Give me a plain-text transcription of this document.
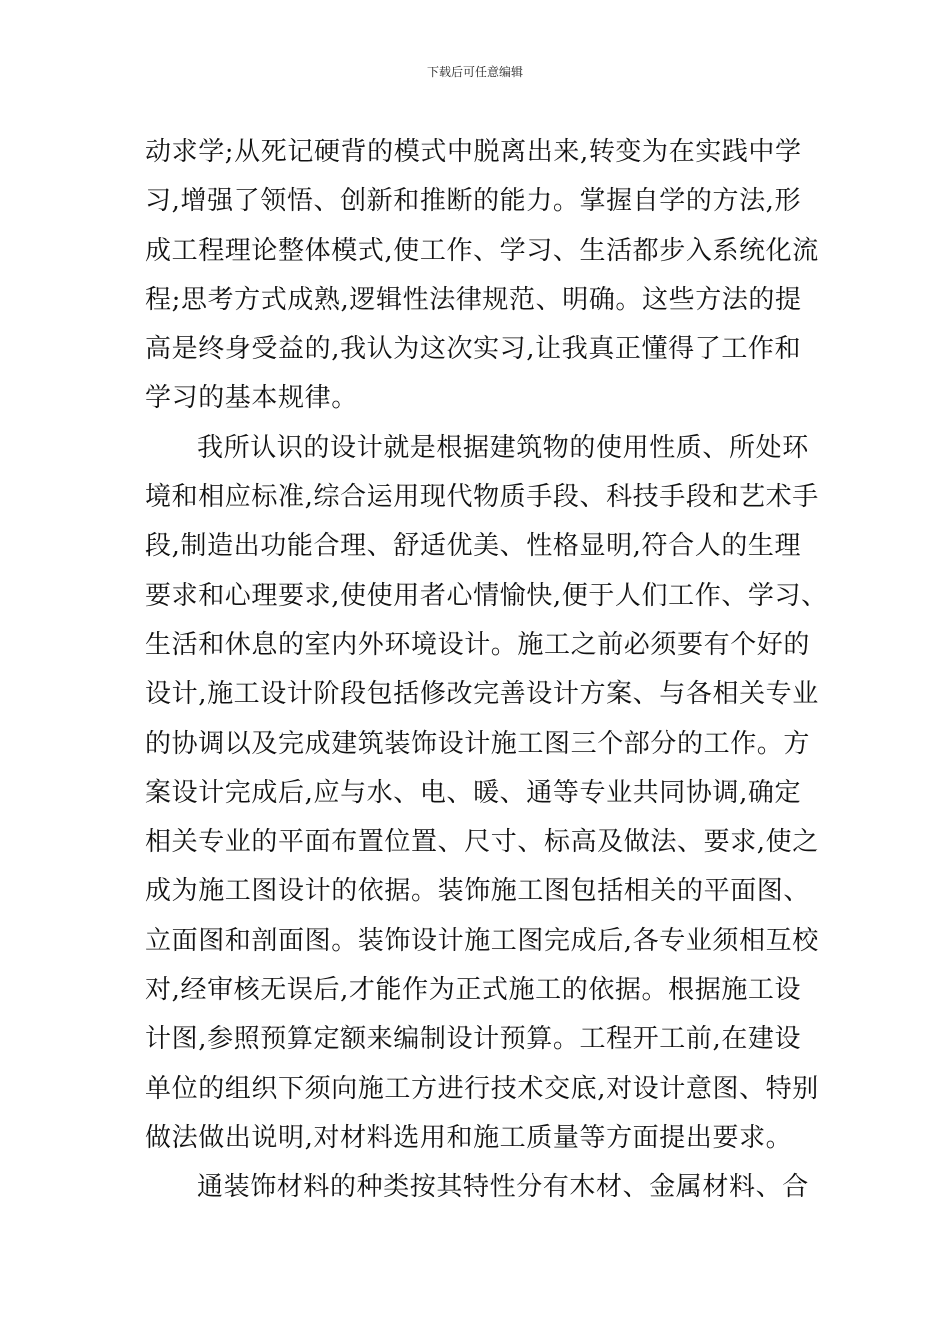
下载后可任意编辑
动求学;从死记硬背的模式中脱离出来,转变为在实践中学
习,增强了领悟、创新和推断的能力。掌握自学的方法,形
成工程理论整体模式,使工作、学习、生活都步入系统化流
程;思考方式成熟,逻辑性法律规范、明确。这些方法的提
高是终身受益的,我认为这次实习,让我真正懂得了工作和
学习的基本规律。
我所认识的设计就是根据建筑物的使用性质、所处环
境和相应标准,综合运用现代物质手段、科技手段和艺术手
段,制造出功能合理、舒适优美、性格显明,符合人的生理
要求和心理要求,使使用者心情愉快,便于人们工作、学习、
生活和休息的室内外环境设计。施工之前必须要有个好的
设计,施工设计阶段包括修改完善设计方案、与各相关专业
的协调以及完成建筑装饰设计施工图三个部分的工作。方
案设计完成后,应与水、电、暖、通等专业共同协调,确定
相关专业的平面布置位置、尺寸、标高及做法、要求,使之
成为施工图设计的依据。装饰施工图包括相关的平面图、
立面图和剖面图。装饰设计施工图完成后,各专业须相互校
对,经审核无误后,才能作为正式施工的依据。根据施工设
计图,参照预算定额来编制设计预算。工程开工前,在建设
单位的组织下须向施工方进行技术交底,对设计意图、特别
做法做出说明,对材料选用和施工质量等方面提出要求。
通装饰材料的种类按其特性分有木材、金属材料、合
